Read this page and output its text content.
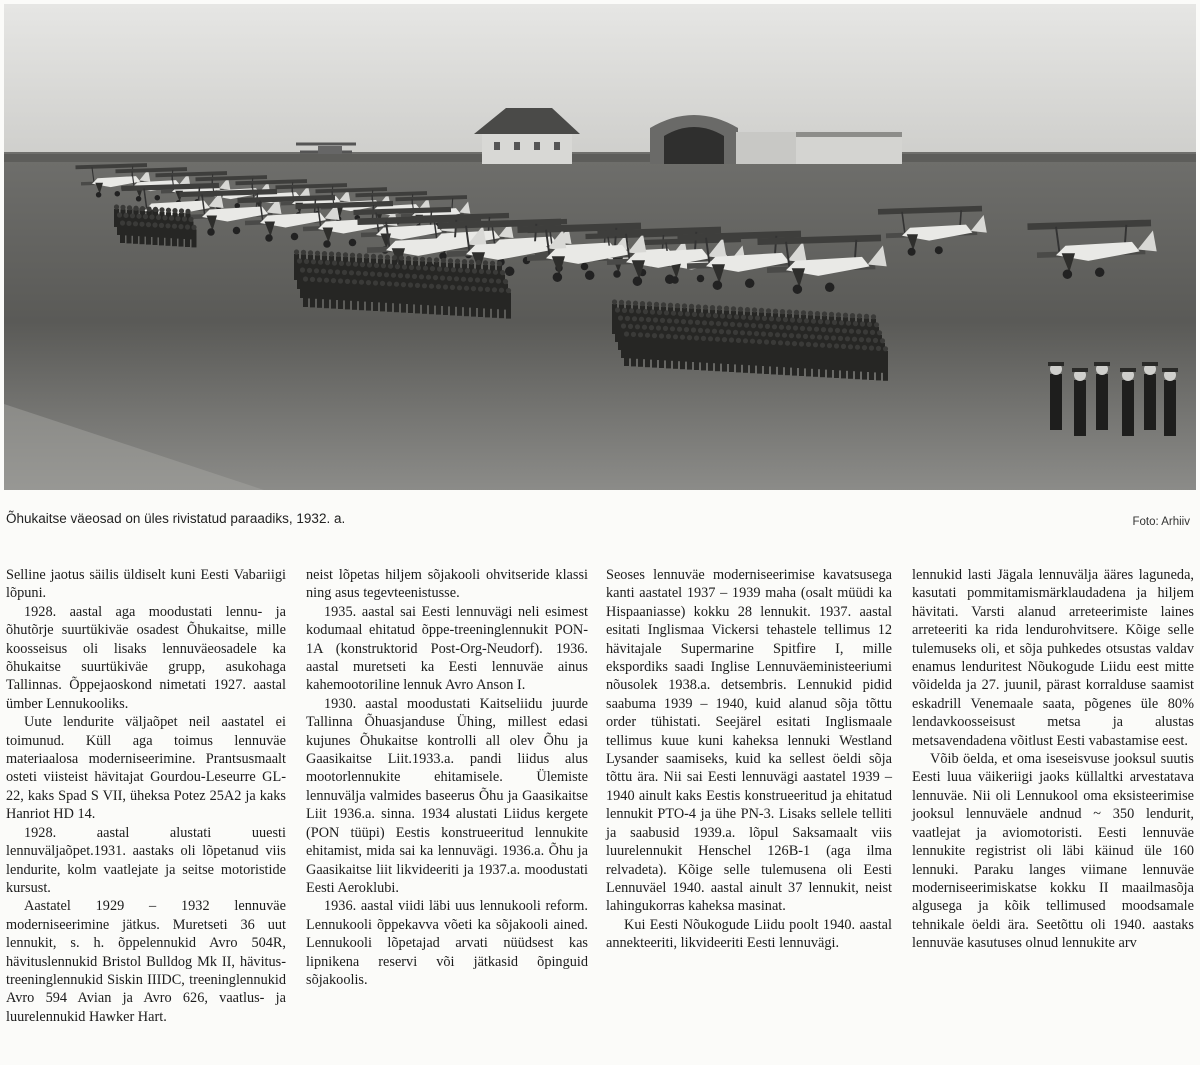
Õhukaitse väeosad on üles rivistatud paraadiks, 1932. a.	Foto: Arhiiv

Selline jaotus säilis üldiselt kuni Eesti Vabariigi lõpuni.

1928. aastal aga moodustati lennu- ja õhutõrje suurtükiväe osadest Õhukaitse, mille koosseisus oli lisaks lennuväeosadele ka õhukaitse suurtükiväe grupp, asukohaga Tallinnas. Õppejaoskond nimetati 1927. aastal ümber Lennukooliks.

Uute lendurite väljaõpet neil aastatel ei toimunud. Küll aga toimus lennuväe materiaalosa moderniseerimine. Prantsusmaalt osteti viisteist hävitajat Gourdou-Leseurre GL-22, kaks Spad S VII, üheksa Potez 25A2 ja kaks Hanriot HD 14.

1928. aastal alustati uuesti lennuväljaõpet.1931. aastaks oli lõpetanud viis lendurite, kolm vaatlejate ja seitse motoristide kursust.

Aastatel 1929 – 1932 lennuväe moderniseerimine jätkus. Muretseti 36 uut lennukit, s. h. õppelennukid Avro 504R, hävituslennukid Bristol Bulldog Mk II, hävitus-treeninglennukid Siskin IIIDC, treeninglennukid Avro 594 Avian ja Avro 626, vaatlus- ja luurelennukid Hawker Hart.

neist lõpetas hiljem sõjakooli ohvitseride klassi ning asus tegevteenistusse.

1935. aastal sai Eesti lennuvägi neli esimest kodumaal ehitatud õppe-treeninglennukit PON-1A (konstruktorid Post-Org-Neudorf). 1936. aastal muretseti ka Eesti lennuväe ainus kahemootoriline lennuk Avro Anson I.

1930. aastal moodustati Kaitseliidu juurde Tallinna Õhuasjanduse Ühing, millest edasi kujunes Õhukaitse kontrolli all olev Õhu ja Gaasikaitse Liit.1933.a. pandi liidus alus mootorlennukite ehitamisele. Ülemiste lennuvälja valmides baseerus Õhu ja Gaasikaitse Liit 1936.a. sinna. 1934 alustati Liidus kergete (PON tüüpi) Eestis konstrueeritud lennukite ehitamist, mida sai ka lennuvägi. 1936.a. Õhu ja Gaasikaitse liit likvideeriti ja 1937.a. moodustati Eesti Aeroklubi.

1936. aastal viidi läbi uus lennukooli reform. Lennukooli õppekavva võeti ka sõjakooli ained. Lennukooli lõpetajad arvati nüüdsest kas lipnikena reservi või jätkasid õpinguid sõjakoolis.

Seoses lennuväe moderniseerimise kavatsusega kanti aastatel 1937 – 1939 maha (osalt müüdi ka Hispaaniasse) kokku 28 lennukit. 1937. aastal esitati Inglismaa Vickersi tehastele tellimus 12 hävitajale Supermarine Spitfire I, mille ekspordiks saadi Inglise Lennuväeministeeriumi nõusolek 1938.a. detsembris. Lennukid pidid saabuma 1939 – 1940, kuid alanud sõja tõttu order tühistati. Seejärel esitati Inglismaale tellimus kuue kuni kaheksa lennuki Westland Lysander saamiseks, kuid ka sellest öeldi sõja tõttu ära. Nii sai Eesti lennuvägi aastatel 1939 – 1940 ainult kaks Eestis konstrueeritud ja ehitatud lennukit PTO-4 ja ühe PN-3. Lisaks sellele telliti ja saabusid 1939.a. lõpul Saksamaalt viis luurelennukit Henschel 126B-1 (aga ilma relvadeta). Kõige selle tulemusena oli Eesti Lennuväel 1940. aastal ainult 37 lennukit, neist lahingukorras kaheksa masinat.

Kui Eesti Nõukogude Liidu poolt 1940. aastal annekteeriti, likvideeriti Eesti lennuvägi.

lennukid lasti Jägala lennuvälja ääres laguneda, kasutati pommitamismärklaudadena ja hiljem hävitati. Varsti alanud arreteerimiste laines arreteeriti ka rida lendurohvitsere. Kõige selle tulemuseks oli, et sõja puhkedes otsustas valdav enamus lenduritest Nõukogude Liidu eest mitte võidelda ja 27. juunil, pärast korralduse saamist eskadrill Venemaale saata, põgenes üle 80% lendavkoosseisust metsa ja alustas metsavendadena võitlust Eesti vabastamise eest.

Võib öelda, et oma iseseisvuse jooksul suutis Eesti luua väikeriigi jaoks küllaltki arvestatava lennuväe. Nii oli Lennukool oma eksisteerimise jooksul lennuväele andnud ~ 350 lendurit, vaatlejat ja aviomotoristi. Eesti lennuväe lennukite registrist oli läbi käinud üle 160 lennuki. Paraku langes viimane lennuväe moderniseerimiskatse kokku II maailmasõja algusega ja kõik tellimused moodsamale tehnikale öeldi ära. Seetõttu oli 1940. aastaks lennuväe kasutuses olnud lennukite arv
